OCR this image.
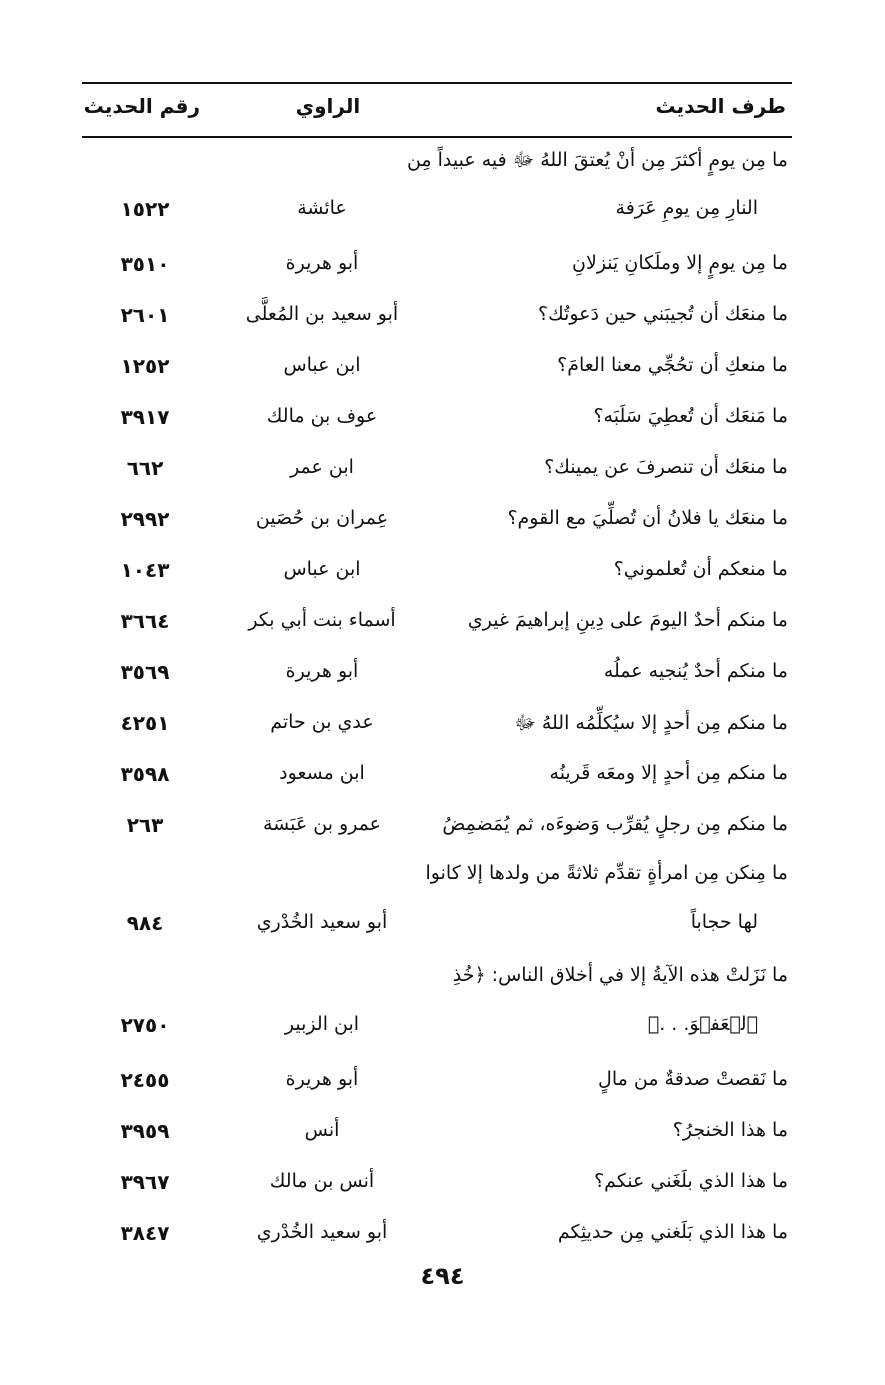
طرف الحديث
الراوي
رقم الحديث
ما مِن يومٍ أكثرَ مِن أنْ يُعتقَ اللهُ ﷻ فيه عبيداً مِن
النارِ مِن يومِ عَرَفة
عائشة
١٥٢٢
ما مِن يومٍ إلا وملَكانِ يَنزلانِ
أبو هريرة
٣٥١٠
ما منعَك أن تُجيبَني حين دَعوتُك؟
أبو سعيد بن المُعلَّى
٢٦٠١
ما منعكِ أن تحُجِّي معنا العامَ؟
ابن عباس
١٢٥٢
ما مَنعَك أن تُعطِيَ سَلَبَه؟
عوف بن مالك
٣٩١٧
ما منعَك أن تنصرفَ عن يمينك؟
ابن عمر
٦٦٢
ما منعَك يا فلانُ أن تُصلِّيَ مع القوم؟
عِمران بن حُصَين
٢٩٩٢
ما منعكم أن تُعلموني؟
ابن عباس
١٠٤٣
ما منكم أحدٌ اليومَ على دِينِ إبراهيمَ غيري
أسماء بنت أبي بكر
٣٦٦٤
ما منكم أحدٌ يُنجيه عملُه
أبو هريرة
٣٥٦٩
ما منكم مِن أحدٍ إلا سيُكلِّمُه اللهُ ﷻ
عدي بن حاتم
٤٢٥١
ما منكم مِن أحدٍ إلا ومعَه قَرينُه
ابن مسعود
٣٥٩٨
ما منكم مِن رجلٍ يُقرِّب وَضوءَه، ثم يُمَضمِضُ
عمرو بن عَبَسَة
٢٦٣
ما مِنكن مِن امرأةٍ تقدِّم ثلاثةً من ولدها إلا كانوا
لها حجاباً
أبو سعيد الخُدْري
٩٨٤
ما نَزَلتْ هذه الآيةُ إلا في أخلاق الناس: ﴿خُذِ
ٱلۡعَفۡوَ. . .﴾
ابن الزبير
٢٧٥٠
ما نَقصتْ صدقةٌ من مالٍ
أبو هريرة
٢٤٥٥
ما هذا الخنجرُ؟
أنس
٣٩٥٩
ما هذا الذي بلَغَني عنكم؟
أنس بن مالك
٣٩٦٧
ما هذا الذي بَلَغني مِن حديثِكم
أبو سعيد الخُدْري
٣٨٤٧
٤٩٤
